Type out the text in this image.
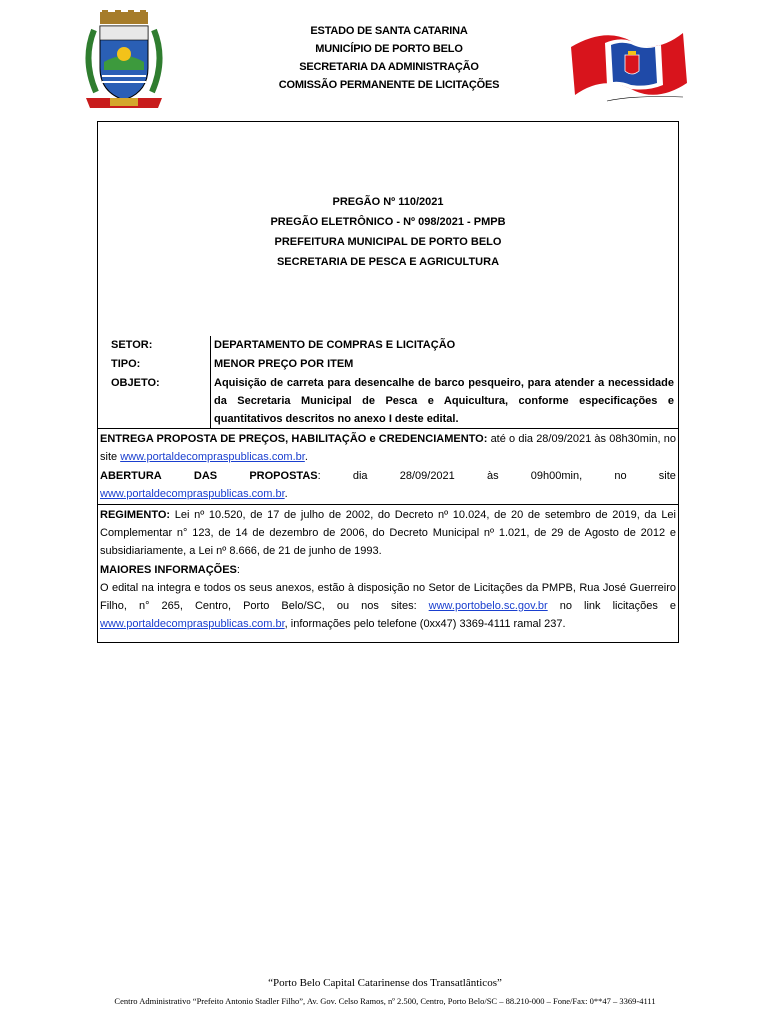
ESTADO DE SANTA CATARINA
MUNICÍPIO DE PORTO BELO
SECRETARIA DA ADMINISTRAÇÃO
COMISSÃO PERMANENTE DE LICITAÇÕES
PREGÃO Nº 110/2021
PREGÃO ELETRÔNICO - Nº 098/2021 - PMPB
PREFEITURA MUNICIPAL DE PORTO BELO
SECRETARIA DE PESCA E AGRICULTURA
SETOR:	DEPARTAMENTO DE COMPRAS E LICITAÇÃO
TIPO:	MENOR PREÇO POR ITEM
OBJETO:	Aquisição de carreta para desencalhe de barco pesqueiro, para atender a necessidade da Secretaria Municipal de Pesca e Aquicultura, conforme especificações e quantitativos descritos no anexo I deste edital.
ENTREGA PROPOSTA DE PREÇOS, HABILITAÇÃO e CREDENCIAMENTO: até o dia 28/09/2021 às 08h30min, no site www.portaldecomprasp​ublicas.com.br.
ABERTURA	DAS	PROPOSTAS:	dia	28/09/2021	às	09h00min,	no	site
www.portaldecompraspublicas.com.br.
REGIMENTO: Lei nº 10.520, de 17 de julho de 2002, do Decreto nº 10.024, de 20 de setembro de 2019, da Lei Complementar n° 123, de 14 de dezembro de 2006, do Decreto Municipal nº 1.021, de 29 de Agosto de 2012 e subsidiariamente, a Lei nº 8.666, de 21 de junho de 1993.
MAIORES INFORMAÇÕES:
O edital na integra e todos os seus anexos, estão à disposição no Setor de Licitações da PMPB, Rua José Guerreiro Filho, n° 265, Centro, Porto Belo/SC, ou nos sites: www.portobelo.sc.gov.br no link licitações e www.portaldecompraspublicas.com.br, informações pelo telefone (0xx47) 3369-4111 ramal 237.
“Porto Belo Capital Catarinense dos Transatlânticos”
Centro Administrativo “Prefeito Antonio Stadler Filho”, Av. Gov. Celso Ramos, nº 2.500, Centro, Porto Belo/SC – 88.210-000 – Fone/Fax: 0**47 – 3369-4111
